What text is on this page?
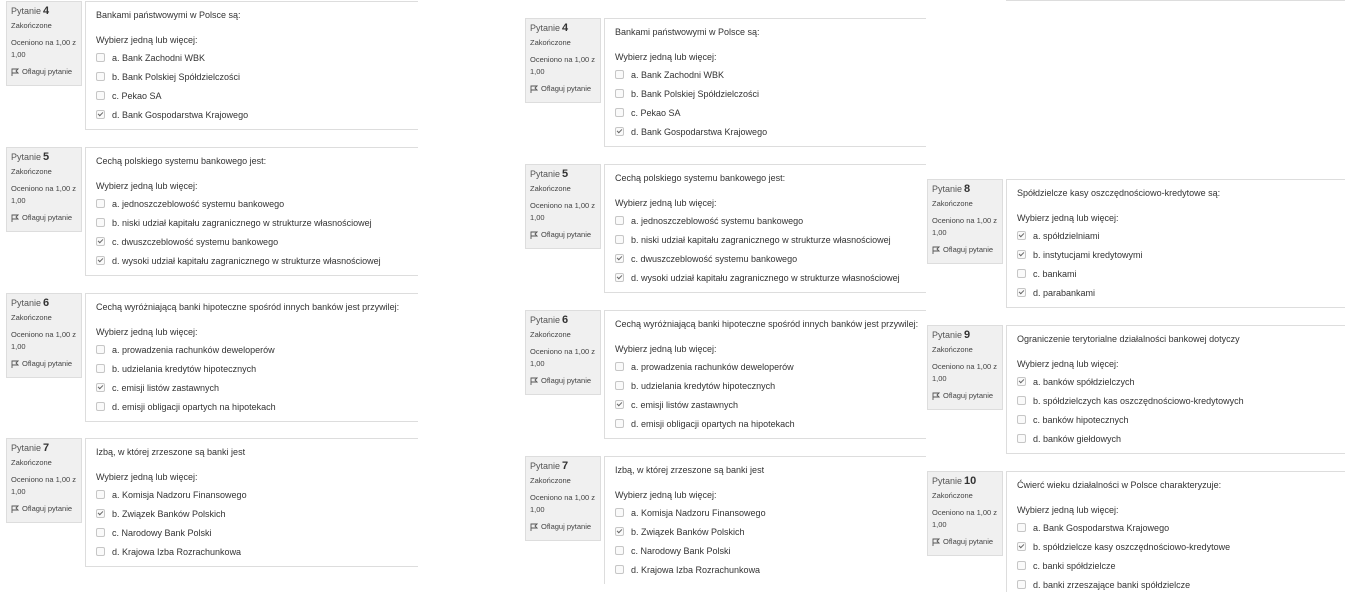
Pytanie 4
Zakończone
Oceniono na 1,00 z 1,00
Oflaguj pytanie
Bankami państwowymi w Polsce są:
Wybierz jedną lub więcej:
a. Bank Zachodni WBK
b. Bank Polskiej Spółdzielczości
c. Pekao SA
d. Bank Gospodarstwa Krajowego
Pytanie 5
Zakończone
Oceniono na 1,00 z 1,00
Oflaguj pytanie
Cechą polskiego systemu bankowego jest:
Wybierz jedną lub więcej:
a. jednoszczeblowość systemu bankowego
b. niski udział kapitału zagranicznego w strukturze własnościowej
c. dwuszczeblowość systemu bankowego
d. wysoki udział kapitału zagranicznego w strukturze własnościowej
Pytanie 6
Zakończone
Oceniono na 1,00 z 1,00
Oflaguj pytanie
Cechą wyróżniającą banki hipoteczne spośród innych banków jest przywilej:
Wybierz jedną lub więcej:
a. prowadzenia rachunków deweloperów
b. udzielania kredytów hipotecznych
c. emisji listów zastawnych
d. emisji obligacji opartych na hipotekach
Pytanie 7
Zakończone
Oceniono na 1,00 z 1,00
Oflaguj pytanie
Izbą, w której zrzeszone są banki jest
Wybierz jedną lub więcej:
a. Komisja Nadzoru Finansowego
b. Związek Banków Polskich
c. Narodowy Bank Polski
d. Krajowa Izba Rozrachunkowa
Pytanie 4
Zakończone
Oceniono na 1,00 z 1,00
Oflaguj pytanie
Bankami państwowymi w Polsce są:
Wybierz jedną lub więcej:
a. Bank Zachodni WBK
b. Bank Polskiej Spółdzielczości
c. Pekao SA
d. Bank Gospodarstwa Krajowego
Pytanie 5
Zakończone
Oceniono na 1,00 z 1,00
Oflaguj pytanie
Cechą polskiego systemu bankowego jest:
Wybierz jedną lub więcej:
a. jednoszczeblowość systemu bankowego
b. niski udział kapitału zagranicznego w strukturze własnościowej
c. dwuszczeblowość systemu bankowego
d. wysoki udział kapitału zagranicznego w strukturze własnościowej
Pytanie 6
Zakończone
Oceniono na 1,00 z 1,00
Oflaguj pytanie
Cechą wyróżniającą banki hipoteczne spośród innych banków jest przywilej:
Wybierz jedną lub więcej:
a. prowadzenia rachunków deweloperów
b. udzielania kredytów hipotecznych
c. emisji listów zastawnych
d. emisji obligacji opartych na hipotekach
Pytanie 7
Zakończone
Oceniono na 1,00 z 1,00
Oflaguj pytanie
Izbą, w której zrzeszone są banki jest
Wybierz jedną lub więcej:
a. Komisja Nadzoru Finansowego
b. Związek Banków Polskich
c. Narodowy Bank Polski
d. Krajowa Izba Rozrachunkowa
Pytanie 8
Zakończone
Oceniono na 1,00 z 1,00
Oflaguj pytanie
Spółdzielcze kasy oszczędnościowo-kredytowe są:
Wybierz jedną lub więcej:
a. spółdzielniami
b. instytucjami kredytowymi
c. bankami
d. parabankami
Pytanie 9
Zakończone
Oceniono na 1,00 z 1,00
Oflaguj pytanie
Ograniczenie terytorialne działalności bankowej dotyczy
Wybierz jedną lub więcej:
a. banków spółdzielczych
b. spółdzielczych kas oszczędnościowo-kredytowych
c. banków hipotecznych
d. banków giełdowych
Pytanie 10
Zakończone
Oceniono na 1,00 z 1,00
Oflaguj pytanie
Ćwierć wieku działalności w Polsce charakteryzuje:
Wybierz jedną lub więcej:
a. Bank Gospodarstwa Krajowego
b. spółdzielcze kasy oszczędnościowo-kredytowe
c. banki spółdzielcze
d. banki zrzeszające banki spółdzielcze
